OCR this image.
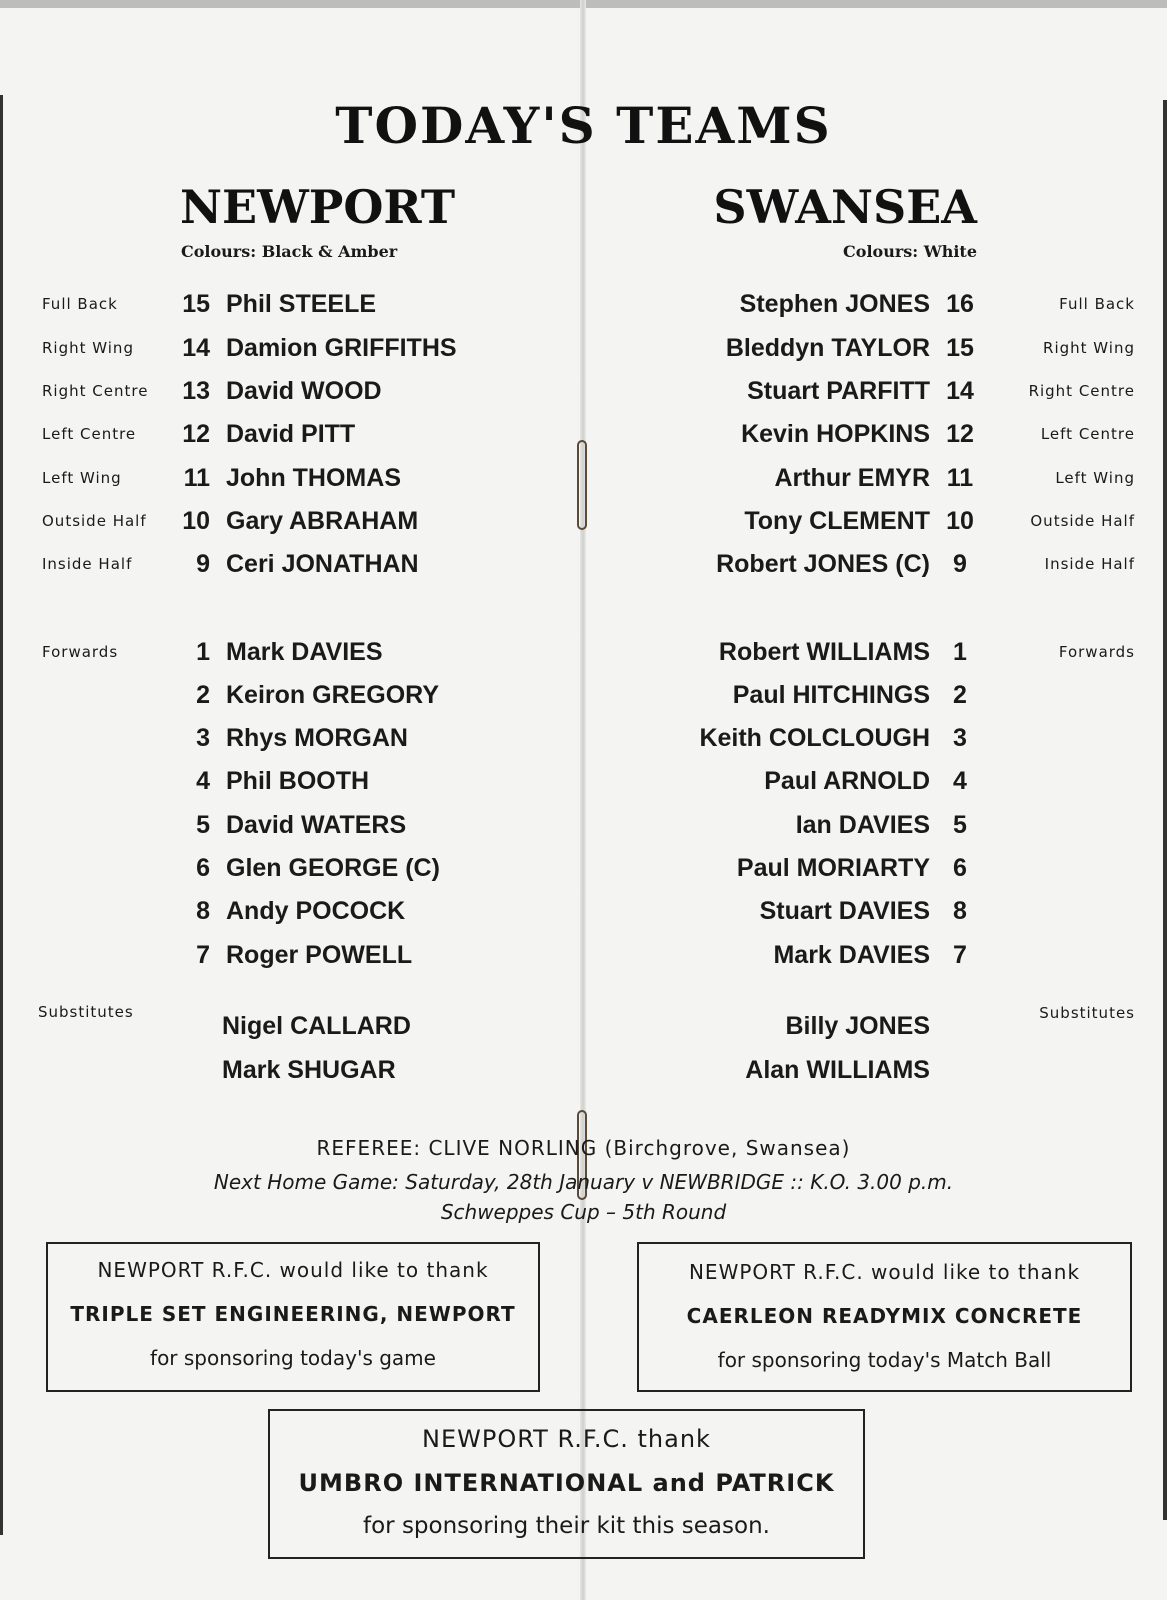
TODAY'S TEAMS
NEWPORT
Colours: Black & Amber
SWANSEA
Colours: White
Full Back	15 Phil STEELE
Right Wing 14 Damion GRIFFITHS
Right Centre 13 David WOOD
Left Centre 12 David PITT
Left Wing	11 John THOMAS
Outside Half 10 Gary ABRAHAM
Inside Half	9 Ceri JONATHAN
Forwards	1 Mark DAVIES
2 Keiron GREGORY
3 Rhys MORGAN
4 Phil BOOTH
5 David WATERS
6 Glen GEORGE (C)
8 Andy POCOCK
7 Roger POWELL
Substitutes	Nigel CALLARD
Mark SHUGAR
Stephen JONES 16	Full Back
Bleddyn TAYLOR 15	Right Wing
Stuart PARFITT 14	Right Centre
Kevin HOPKINS 12	Left Centre
Arthur EMYR 11	Left Wing
Tony CLEMENT 10	Outside Half
Robert JONES (C) 9	Inside Half
Robert WILLIAMS 1	Forwards
Paul HITCHINGS 2
Keith COLCLOUGH 3
Paul ARNOLD 4
Ian DAVIES 5
Paul MORIARTY 6
Stuart DAVIES 8
Mark DAVIES 7
Substitutes
Billy JONES
Alan WILLIAMS
REFEREE: CLIVE NORLING (Birchgrove, Swansea)
Next Home Game: Saturday, 28th January v NEWBRIDGE :: K.O. 3.00 p.m.
Schweppes Cup – 5th Round
NEWPORT R.F.C. would like to thank
TRIPLE SET ENGINEERING, NEWPORT
for sponsoring today's game
NEWPORT R.F.C. would like to thank
CAERLEON READYMIX CONCRETE
for sponsoring today's Match Ball
NEWPORT R.F.C. thank
UMBRO INTERNATIONAL and PATRICK
for sponsoring their kit this season.
